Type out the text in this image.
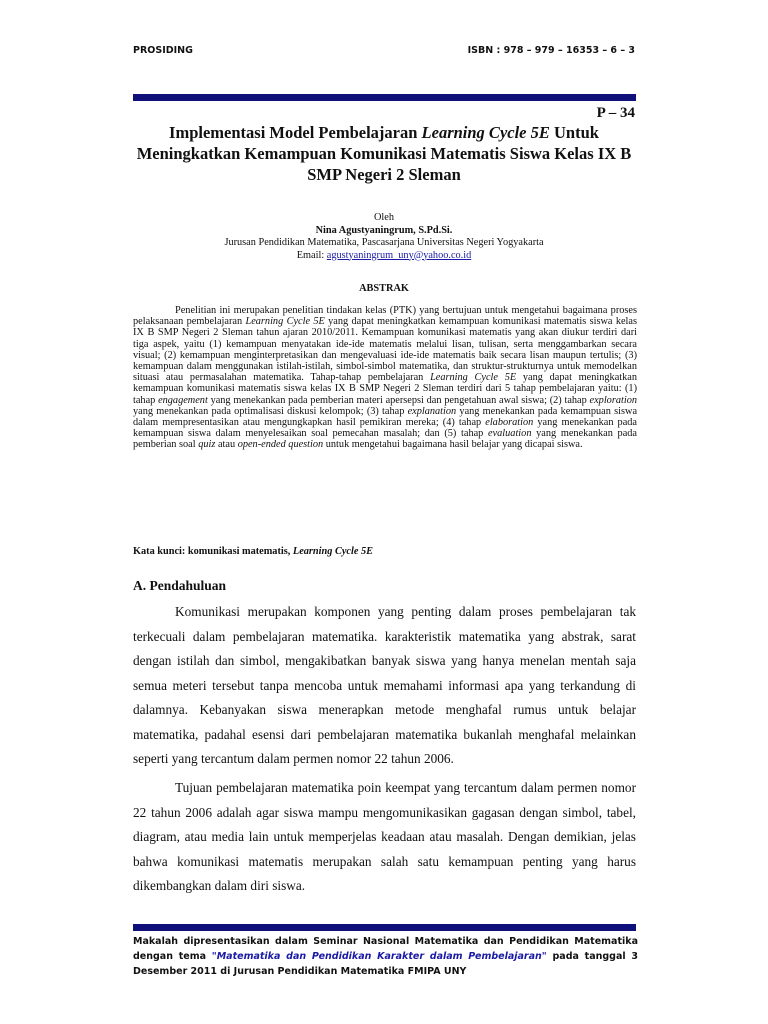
PROSIDING	ISBN : 978 – 979 – 16353 – 6 – 3
P – 34
Implementasi Model Pembelajaran Learning Cycle 5E Untuk Meningkatkan Kemampuan Komunikasi Matematis Siswa Kelas IX B SMP Negeri 2 Sleman
Oleh
Nina Agustyaningrum, S.Pd.Si.
Jurusan Pendidikan Matematika, Pascasarjana Universitas Negeri Yogyakarta
Email: agustyaningrum_uny@yahoo.co.id
ABSTRAK

Penelitian ini merupakan penelitian tindakan kelas (PTK) yang bertujuan untuk mengetahui bagaimana proses pelaksanaan pembelajaran Learning Cycle 5E yang dapat meningkatkan kemampuan komunikasi matematis siswa kelas IX B SMP Negeri 2 Sleman tahun ajaran 2010/2011. Kemampuan komunikasi matematis yang akan diukur terdiri dari tiga aspek, yaitu (1) kemampuan menyatakan ide-ide matematis melalui lisan, tulisan, serta menggambarkan secara visual; (2) kemampuan menginterpretasikan dan mengevaluasi ide-ide matematis baik secara lisan maupun tertulis; (3) kemampuan dalam menggunakan istilah-istilah, simbol-simbol matematika, dan struktur-strukturnya untuk memodelkan situasi atau permasalahan matematika. Tahap-tahap pembelajaran Learning Cycle 5E yang dapat meningkatkan kemampuan komunikasi matematis siswa kelas IX B SMP Negeri 2 Sleman terdiri dari 5 tahap pembelajaran yaitu: (1) tahap engagement yang menekankan pada pemberian materi apersepsi dan pengetahuan awal siswa; (2) tahap exploration yang menekankan pada optimalisasi diskusi kelompok; (3) tahap explanation yang menekankan pada kemampuan siswa dalam mempresentasikan atau mengungkapkan hasil pemikiran mereka; (4) tahap elaboration yang menekankan pada kemampuan siswa dalam menyelesaikan soal pemecahan masalah; dan (5) tahap evaluation yang menekankan pada pemberian soal quiz atau open-ended question untuk mengetahui bagaimana hasil belajar yang dicapai siswa.

Kata kunci: komunikasi matematis, Learning Cycle 5E
A. Pendahuluan

Komunikasi merupakan komponen yang penting dalam proses pembelajaran tak terkecuali dalam pembelajaran matematika. karakteristik matematika yang abstrak, sarat dengan istilah dan simbol, mengakibatkan banyak siswa yang hanya menelan mentah saja semua meteri tersebut tanpa mencoba untuk memahami informasi apa yang terkandung di dalamnya. Kebanyakan siswa menerapkan metode menghafal rumus untuk belajar matematika, padahal esensi dari pembelajaran matematika bukanlah menghafal melainkan seperti yang tercantum dalam permen nomor 22 tahun 2006.

Tujuan pembelajaran matematika poin keempat yang tercantum dalam permen nomor 22 tahun 2006 adalah agar siswa mampu mengomunikasikan gagasan dengan simbol, tabel, diagram, atau media lain untuk memperjelas keadaan atau masalah. Dengan demikian, jelas bahwa komunikasi matematis merupakan salah satu kemampuan penting yang harus dikembangkan dalam diri siswa.

Makalah dipresentasikan dalam Seminar Nasional Matematika dan Pendidikan Matematika dengan tema "Matematika dan Pendidikan Karakter dalam Pembelajaran" pada tanggal 3 Desember 2011 di Jurusan Pendidikan Matematika FMIPA UNY
